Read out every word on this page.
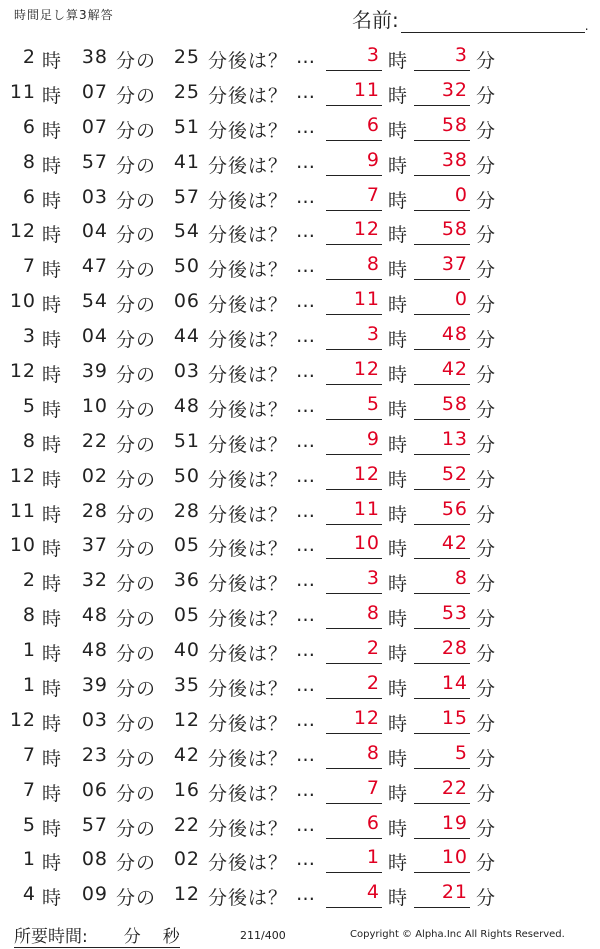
時間足し算3解答	名前:	.
2 時	38 分の 25 分後は？ …	3 時	3 分
11 時	07 分の 25 分後は？ …	11 時	32 分
6 時	07 分の 51 分後は？ …	6 時	58 分
8 時	57 分の 41 分後は？ …	9 時	38 分
6 時	03 分の 57 分後は？ …	7 時	0 分
12 時	04 分の 54 分後は？ …	12 時	58 分
7 時	47 分の 50 分後は？ …	8 時	37 分
10 時	54 分の 06 分後は？ …	11 時	0 分
3 時	04 分の 44 分後は？ …	3 時	48 分
12 時	39 分の 03 分後は？ …	12 時	42 分
5 時	10 分の 48 分後は？ …	5 時	58 分
8 時	22 分の 51 分後は？ …	9 時	13 分
12 時	02 分の 50 分後は？ …	12 時	52 分
11 時	28 分の 28 分後は？ …	11 時	56 分
10 時	37 分の 05 分後は？ …	10 時	42 分
2 時	32 分の 36 分後は？ …	3 時	8 分
8 時	48 分の 05 分後は？ …	8 時	53 分
1 時	48 分の 40 分後は？ …	2 時	28 分
1 時	39 分の 35 分後は？ …	2 時	14 分
12 時	03 分の 12 分後は？ …	12 時	15 分
7 時	23 分の 42 分後は？ …	8 時	5 分
7 時	06 分の 16 分後は？ …	7 時	22 分
5 時	57 分の 22 分後は？ …	6 時	19 分
1 時	08 分の 02 分後は？ …	1 時	10 分
4 時	09 分の 12 分後は？ …	4 時	21 分
所要時間: 分 秒	211/400	Copyright © Alpha.Inc All Rights Reserved.
